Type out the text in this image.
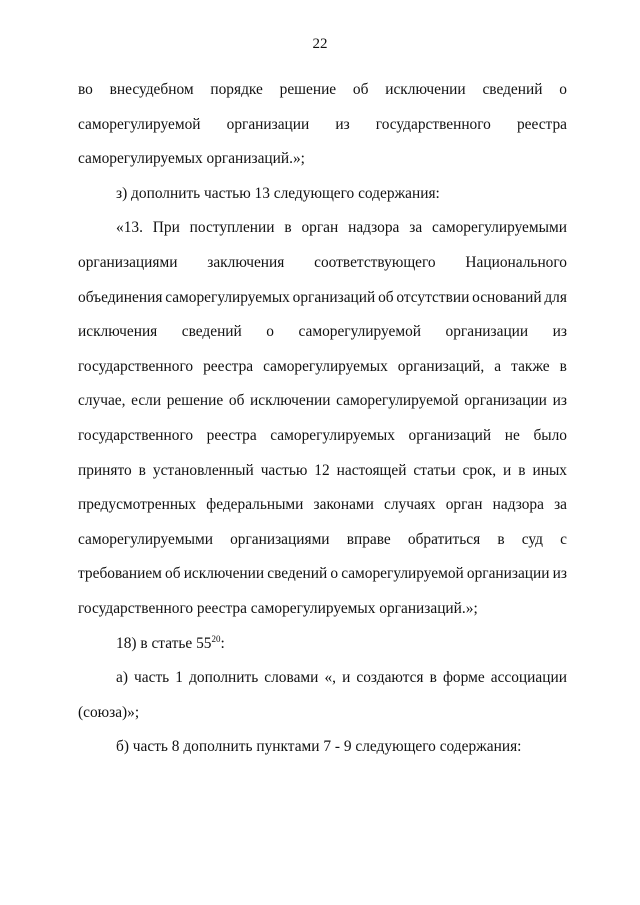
22
во внесудебном порядке решение об исключении сведений о
саморегулируемой организации из государственного реестра
саморегулируемых организаций.»;
з) дополнить частью 13 следующего содержания:
«13. При поступлении в орган надзора за саморегулируемыми
организациями заключения соответствующего Национального
объединения саморегулируемых организаций об отсутствии оснований для
исключения сведений о саморегулируемой организации из
государственного реестра саморегулируемых организаций, а также в
случае, если решение об исключении саморегулируемой организации из
государственного реестра саморегулируемых организаций не было
принято в установленный частью 12 настоящей статьи срок, и в иных
предусмотренных федеральными законами случаях орган надзора за
саморегулируемыми организациями вправе обратиться в суд с
требованием об исключении сведений о саморегулируемой организации из
государственного реестра саморегулируемых организаций.»;
18) в статье $55^{20}$:
а) часть 1 дополнить словами «, и создаются в форме ассоциации
(союза)»;
б) часть 8 дополнить пунктами 7 - 9 следующего содержания:
